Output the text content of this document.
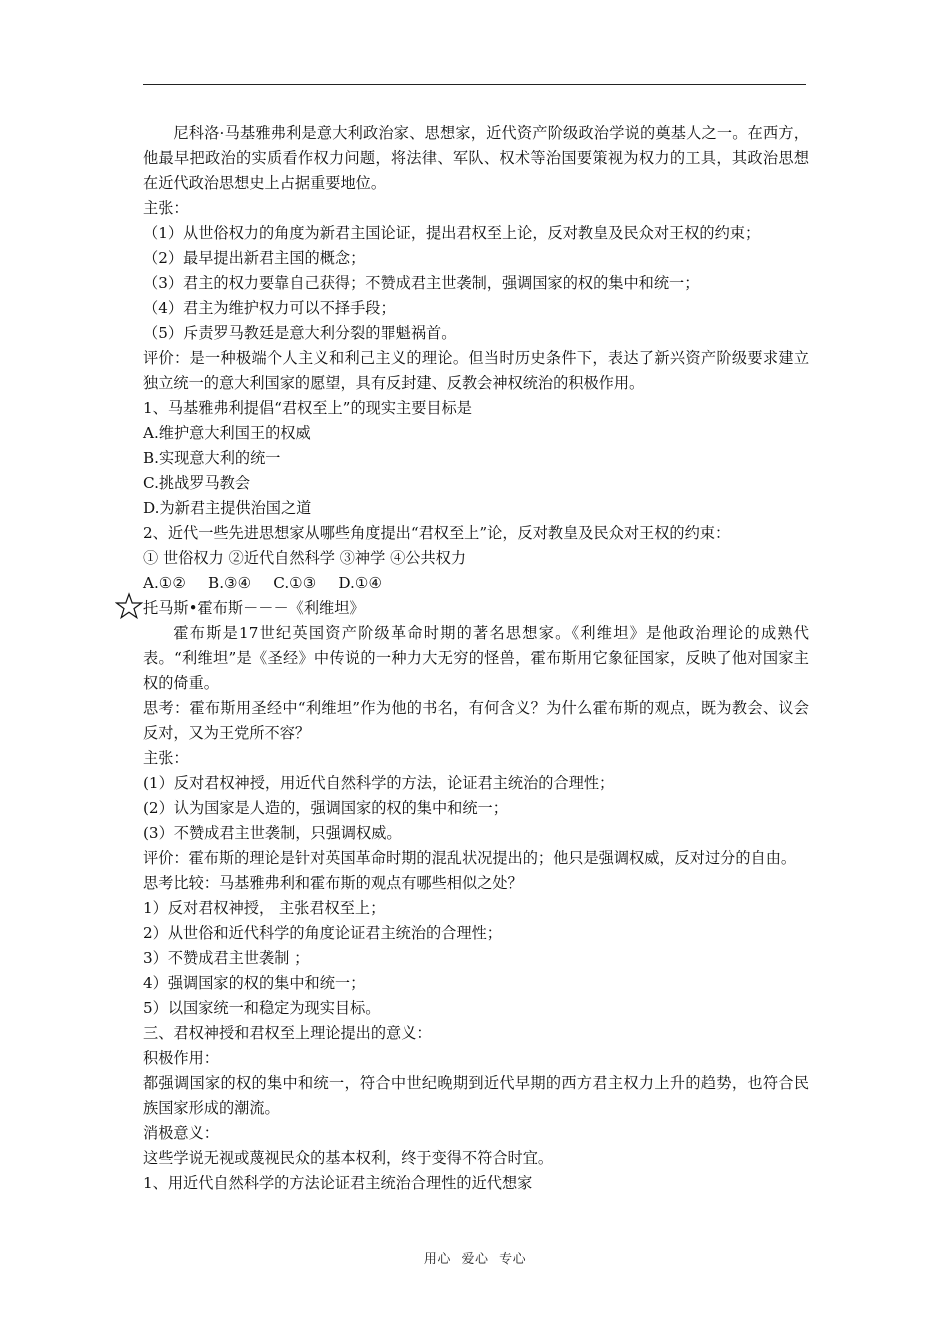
尼科洛·马基雅弗利是意大利政治家、思想家，近代资产阶级政治学说的奠基人之一。在西方，他最早把政治的实质看作权力问题，将法律、军队、权术等治国要策视为权力的工具，其政治思想在近代政治思想史上占据重要地位。
主张：
（1）从世俗权力的角度为新君主国论证，提出君权至上论，反对教皇及民众对王权的约束；
（2）最早提出新君主国的概念；
（3）君主的权力要靠自己获得；不赞成君主世袭制，强调国家的权的集中和统一；
（4）君主为维护权力可以不择手段；
（5）斥责罗马教廷是意大利分裂的罪魁祸首。
评价：是一种极端个人主义和利己主义的理论。但当时历史条件下，表达了新兴资产阶级要求建立独立统一的意大利国家的愿望，具有反封建、反教会神权统治的积极作用。
1、马基雅弗利提倡“君权至上”的现实主要目标是
A.维护意大利国王的权威
B.实现意大利的统一
C.挑战罗马教会
D.为新君主提供治国之道
2、近代一些先进思想家从哪些角度提出“君权至上”论，反对教皇及民众对王权的约束：
① 世俗权力 ②近代自然科学 ③神学 ④公共权力
A.①② B.③④ C.①③ D.①④
托马斯•霍布斯－－－《利维坦》
霍布斯是17世纪英国资产阶级革命时期的著名思想家。《利维坦》是他政治理论的成熟代表。“利维坦”是《圣经》中传说的一种力大无穷的怪兽，霍布斯用它象征国家，反映了他对国家主权的倚重。
思考：霍布斯用圣经中“利维坦”作为他的书名，有何含义？为什么霍布斯的观点，既为教会、议会反对，又为王党所不容？
主张：
(1）反对君权神授，用近代自然科学的方法，论证君主统治的合理性；
(2）认为国家是人造的，强调国家的权的集中和统一；
(3）不赞成君主世袭制，只强调权威。
评价：霍布斯的理论是针对英国革命时期的混乱状况提出的；他只是强调权威，反对过分的自由。
思考比较：马基雅弗利和霍布斯的观点有哪些相似之处？
1）反对君权神授， 主张君权至上；
2）从世俗和近代科学的角度论证君主统治的合理性；
3）不赞成君主世袭制 ；
4）强调国家的权的集中和统一；
5）以国家统一和稳定为现实目标。
三、君权神授和君权至上理论提出的意义：
积极作用：
都强调国家的权的集中和统一，符合中世纪晚期到近代早期的西方君主权力上升的趋势，也符合民族国家形成的潮流。
消极意义：
这些学说无视或蔑视民众的基本权利，终于变得不符合时宜。
1、用近代自然科学的方法论证君主统治合理性的近代想家
用心 爱心 专心
